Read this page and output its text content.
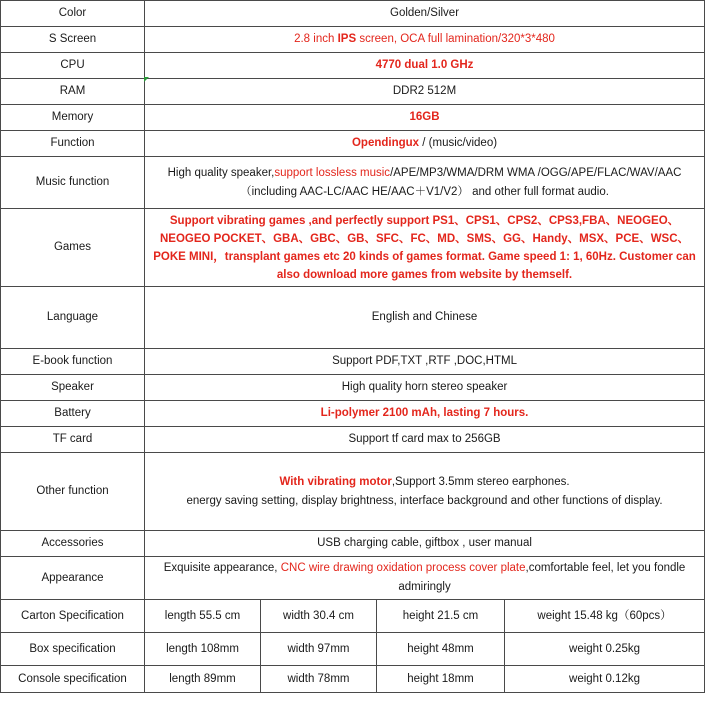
Color	Golden/Silver			
S Screen	2.8 inch IPS screen, OCA full lamination/320*3*480			
CPU	4770 dual 1.0 GHz			
RAM	DDR2 512M			
Memory	16GB			
Function	Opendingux / (music/video)			
Music function	High quality speaker,support lossless music/APE/MP3/WMA/DRM WMA /OGG/APE/FLAC/WAV/AAC
（including AAC-LC/AAC HE/AAC＋V1/V2） and other full format audio.			
Games	Support vibrating games ,and perfectly support PS1、CPS1、CPS2、CPS3,FBA、NEOGEO、NEOGEO POCKET、GBA、GBC、GB、SFC、FC、MD、SMS、GG、Handy、MSX、PCE、WSC、POKE MINI，transplant games etc 20 kinds of games format. Game speed 1: 1, 60Hz. Customer can also download more games from website by themself.			
Language	English and Chinese			
E-book function	Support PDF,TXT ,RTF ,DOC,HTML			
Speaker	High quality horn stereo speaker			
Battery	Li-polymer 2100 mAh, lasting 7 hours.			
TF card	Support tf card max to 256GB			
Other function	With vibrating motor,Support 3.5mm stereo earphones.
energy saving setting, display brightness, interface background and other functions of display.			
Accessories	USB charging cable, giftbox , user manual			
Appearance	Exquisite appearance, CNC wire drawing oxidation process cover plate,comfortable feel, let you fondle admiringly			
Carton Specification	length 55.5 cm	width 30.4 cm	height 21.5 cm	weight 15.48 kg（60pcs）
Box specification	length 108mm	width 97mm	height 48mm	weight 0.25kg
Console specification	length 89mm	width 78mm	height 18mm	weight 0.12kg
